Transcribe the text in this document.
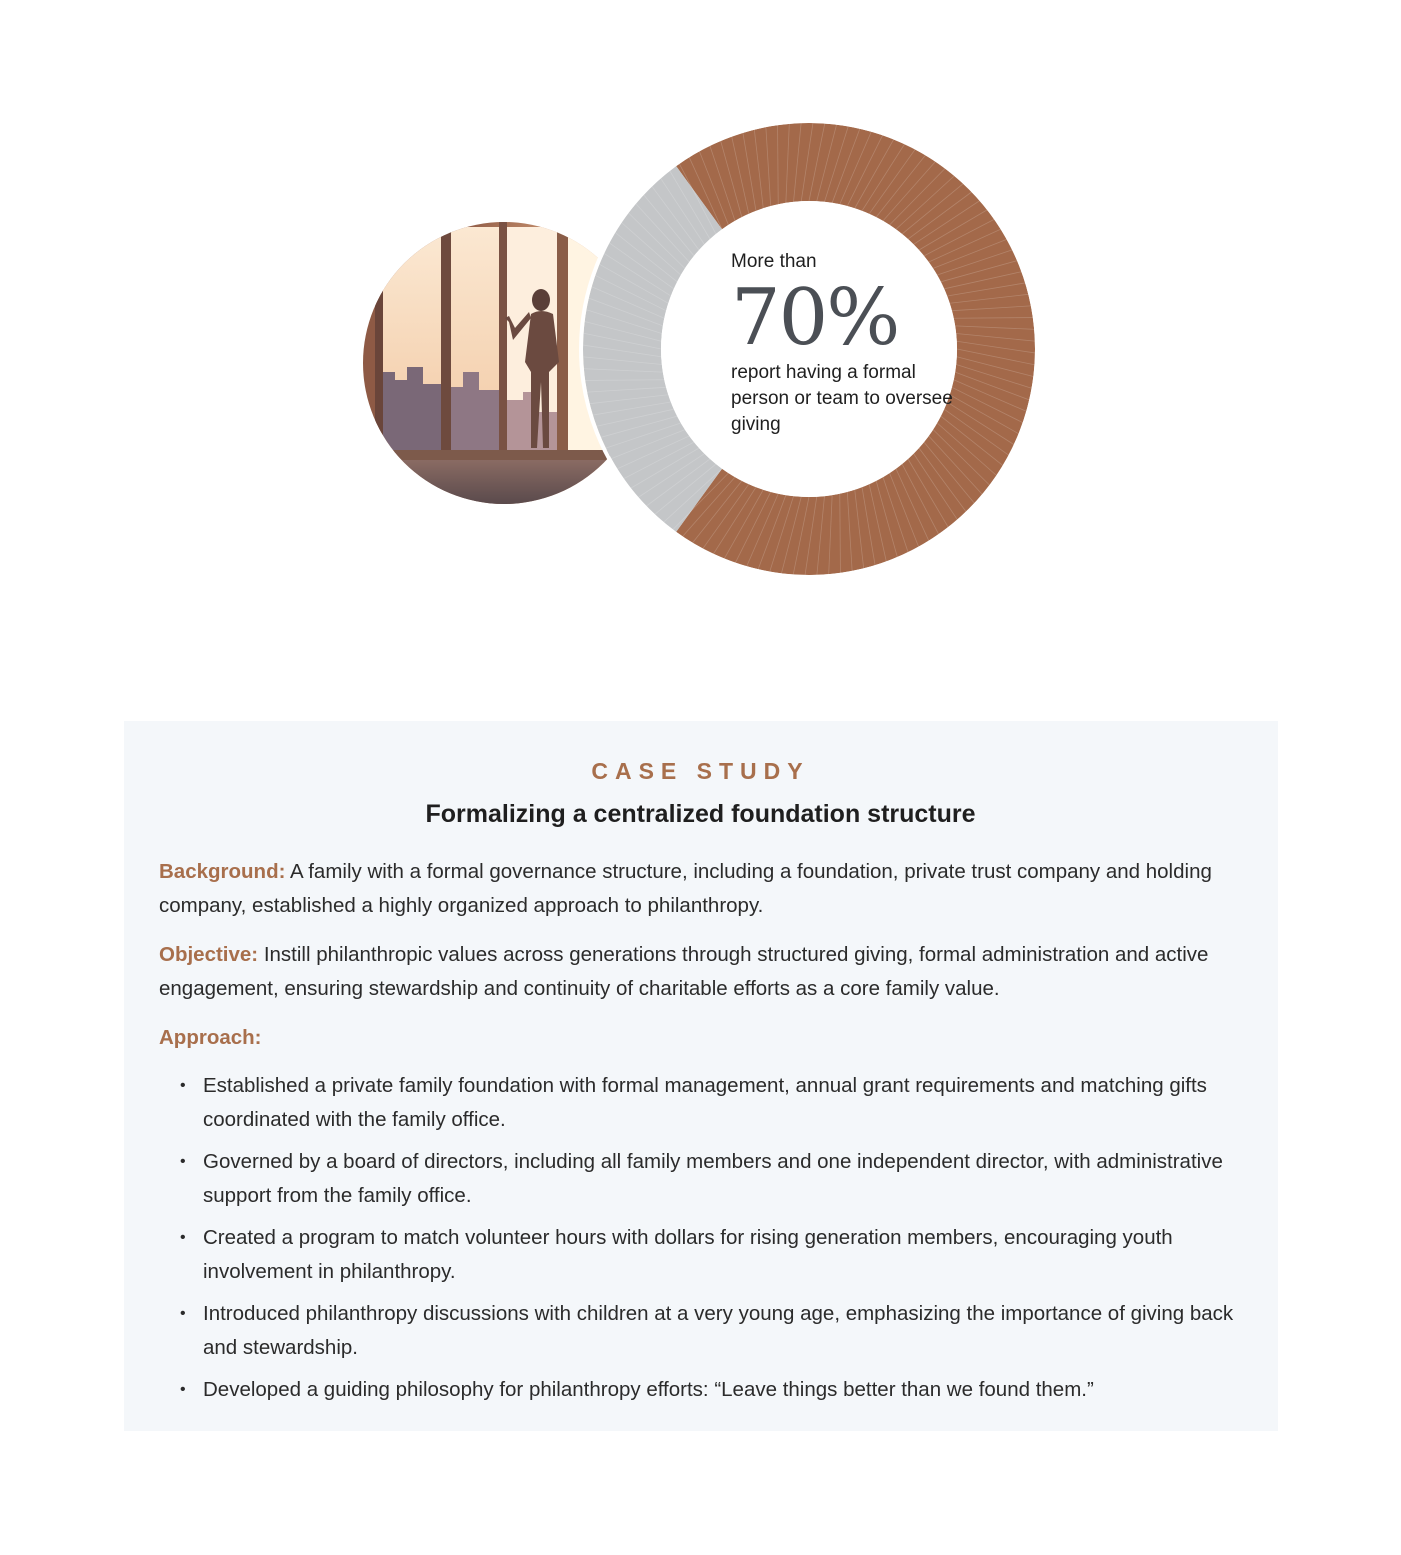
More than
70%
report having a formal person or team to oversee giving

CASE STUDY

Formalizing a centralized foundation structure

Background: A family with a formal governance structure, including a foundation, private trust company and holding company, established a highly organized approach to philanthropy.

Objective: Instill philanthropic values across generations through structured giving, formal administration and active engagement, ensuring stewardship and continuity of charitable efforts as a core family value.

Approach:

• Established a private family foundation with formal management, annual grant requirements and matching gifts coordinated with the family office.
• Governed by a board of directors, including all family members and one independent director, with administrative support from the family office.
• Created a program to match volunteer hours with dollars for rising generation members, encouraging youth involvement in philanthropy.
• Introduced philanthropy discussions with children at a very young age, emphasizing the importance of giving back and stewardship.
• Developed a guiding philosophy for philanthropy efforts: “Leave things better than we found them.”
